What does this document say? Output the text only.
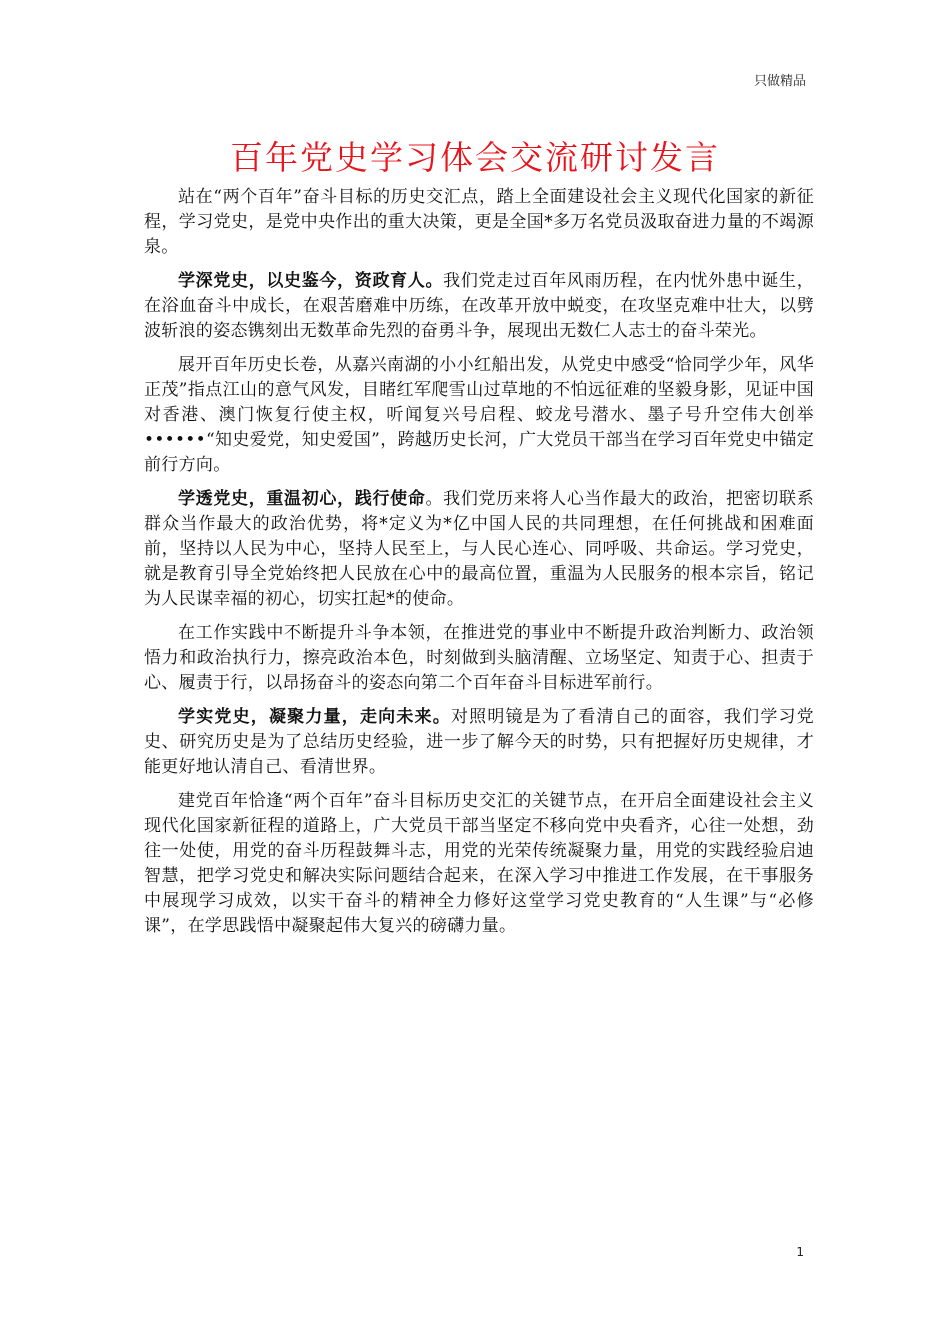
只做精品
百年党史学习体会交流研讨发言

站在“两个百年”奋斗目标的历史交汇点，踏上全面建设社会主义现代化国家的新征程，学习党史，是党中央作出的重大决策，更是全国*多万名党员汲取奋进力量的不竭源泉。

学深党史，以史鉴今，资政育人。我们党走过百年风雨历程，在内忧外患中诞生，在浴血奋斗中成长，在艰苦磨难中历练，在改革开放中蜕变，在攻坚克难中壮大，以劈波斩浪的姿态镌刻出无数革命先烈的奋勇斗争，展现出无数仁人志士的奋斗荣光。

展开百年历史长卷，从嘉兴南湖的小小红船出发，从党史中感受“恰同学少年，风华正茂”指点江山的意气风发，目睹红军爬雪山过草地的不怕远征难的坚毅身影，见证中国对香港、澳门恢复行使主权，听闻复兴号启程、蛟龙号潜水、墨子号升空伟大创举••••••“知史爱党，知史爱国”，跨越历史长河，广大党员干部当在学习百年党史中锚定前行方向。

学透党史，重温初心，践行使命。我们党历来将人心当作最大的政治，把密切联系群众当作最大的政治优势，将*定义为*亿中国人民的共同理想，在任何挑战和困难面前，坚持以人民为中心，坚持人民至上，与人民心连心、同呼吸、共命运。学习党史，就是教育引导全党始终把人民放在心中的最高位置，重温为人民服务的根本宗旨，铭记为人民谋幸福的初心，切实扛起*的使命。

在工作实践中不断提升斗争本领，在推进党的事业中不断提升政治判断力、政治领悟力和政治执行力，擦亮政治本色，时刻做到头脑清醒、立场坚定、知责于心、担责于心、履责于行，以昂扬奋斗的姿态向第二个百年奋斗目标进军前行。

学实党史，凝聚力量，走向未来。对照明镜是为了看清自己的面容，我们学习党史、研究历史是为了总结历史经验，进一步了解今天的时势，只有把握好历史规律，才能更好地认清自己、看清世界。

建党百年恰逢“两个百年”奋斗目标历史交汇的关键节点，在开启全面建设社会主义现代化国家新征程的道路上，广大党员干部当坚定不移向党中央看齐，心往一处想，劲往一处使，用党的奋斗历程鼓舞斗志，用党的光荣传统凝聚力量，用党的实践经验启迪智慧，把学习党史和解决实际问题结合起来，在深入学习中推进工作发展，在干事服务中展现学习成效，以实干奋斗的精神全力修好这堂学习党史教育的“人生课”与“必修课”，在学思践悟中凝聚起伟大复兴的磅礴力量。

1
